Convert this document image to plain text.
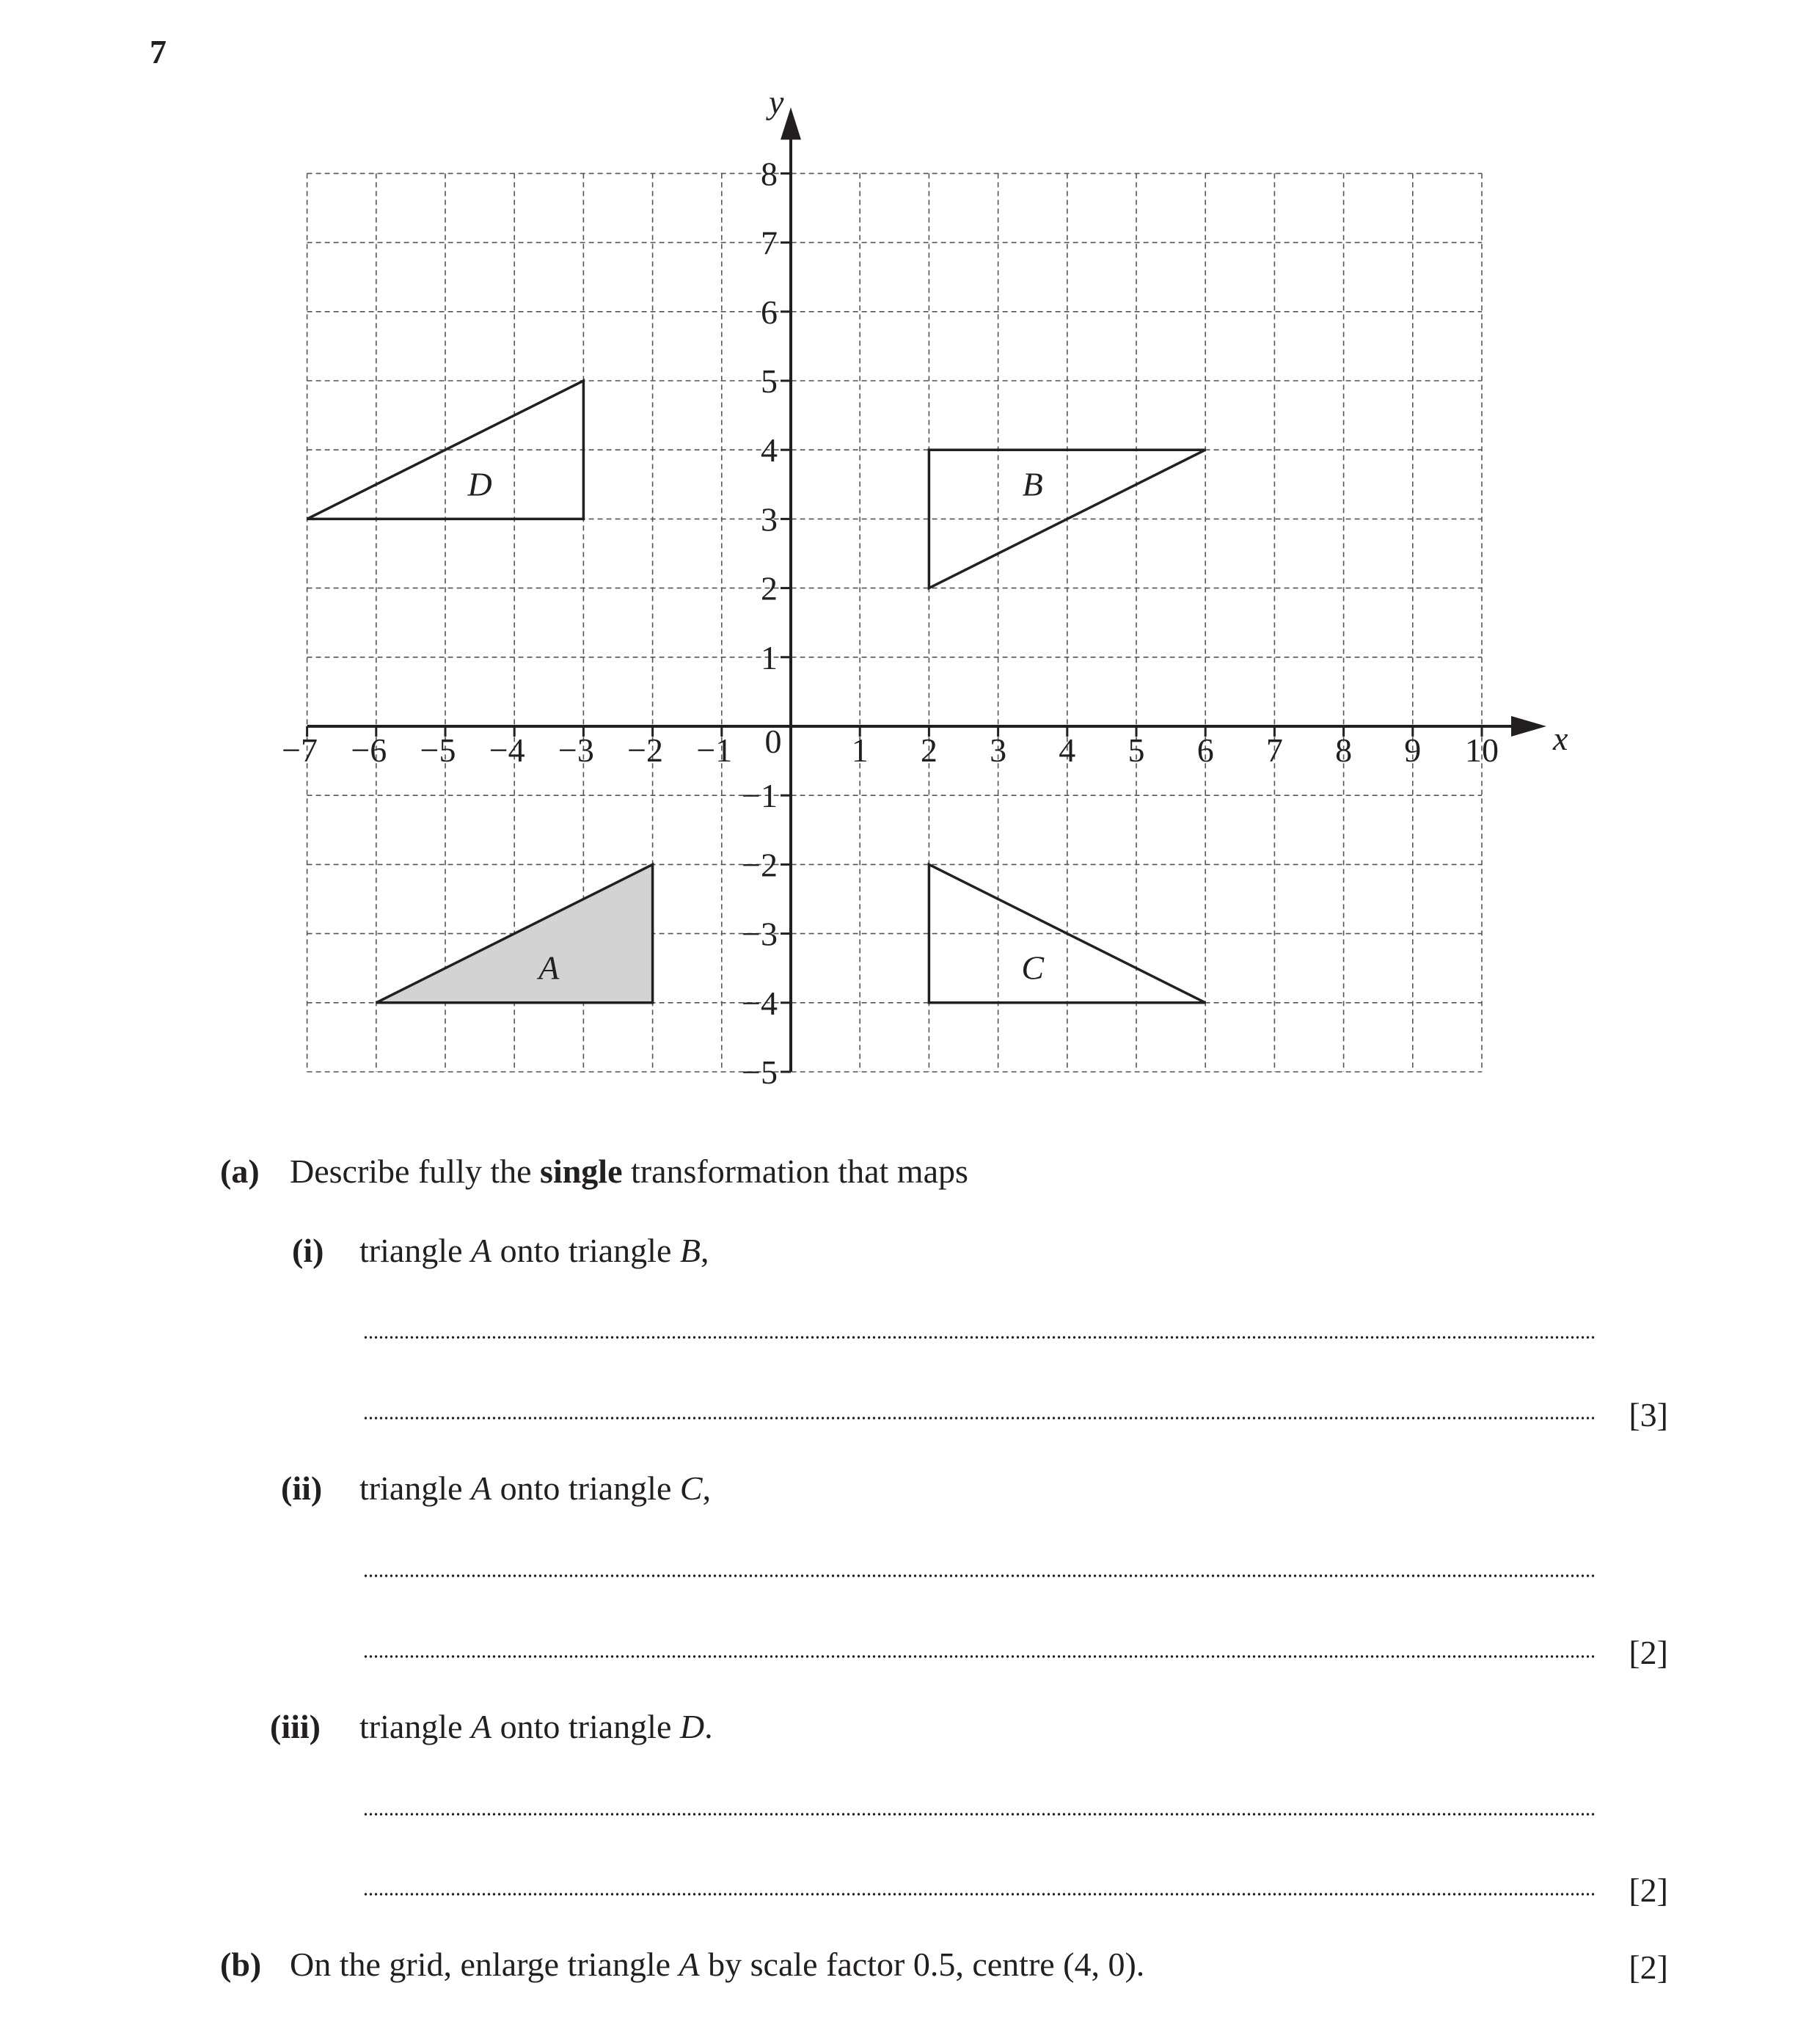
7
A
B
C
D
x
y
0
−7 −6 −5 −4 −3 −2 −1	1 2 3 4 5 6 7 8 9 10
8
7
6
5
4
3
2
1
−1
−2
−3
−4
−5
(a) Describe fully the single transformation that maps
(i) triangle A onto triangle B,
[3]
(ii) triangle A onto triangle C,
[2]
(iii) triangle A onto triangle D.
[2]
(b) On the grid, enlarge triangle A by scale factor 0.5, centre (4, 0).	[2]
